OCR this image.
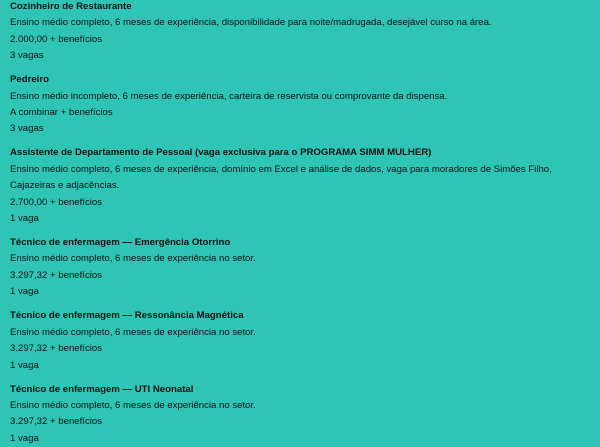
Cozinheiro de Restaurante

Ensino médio completo, 6 meses de experiência, disponibilidade para noite/madrugada, desejável curso na área.

2.000,00 + benefícios

3 vagas

Pedreiro

Ensino médio incompleto, 6 meses de experiência, carteira de reservista ou comprovante da dispensa.

A combinar + benefícios

3 vagas

Assistente de Departamento de Pessoal (vaga exclusiva para o PROGRAMA SIMM MULHER)

Ensino médio completo, 6 meses de experiência, domínio em Excel e análise de dados, vaga para moradores de Simões Filho, Cajazeiras e adjacências.

2.700,00 + benefícios

1 vaga

Técnico de enfermagem — Emergência Otorrino

Ensino médio completo, 6 meses de experiência no setor.

3.297,32 + benefícios

1 vaga

Técnico de enfermagem — Ressonância Magnética

Ensino médio completo, 6 meses de experiência no setor.

3.297,32 + benefícios

1 vaga

Técnico de enfermagem — UTI Neonatal

Ensino médio completo, 6 meses de experiência no setor.

3.297,32 + benefícios

1 vaga
